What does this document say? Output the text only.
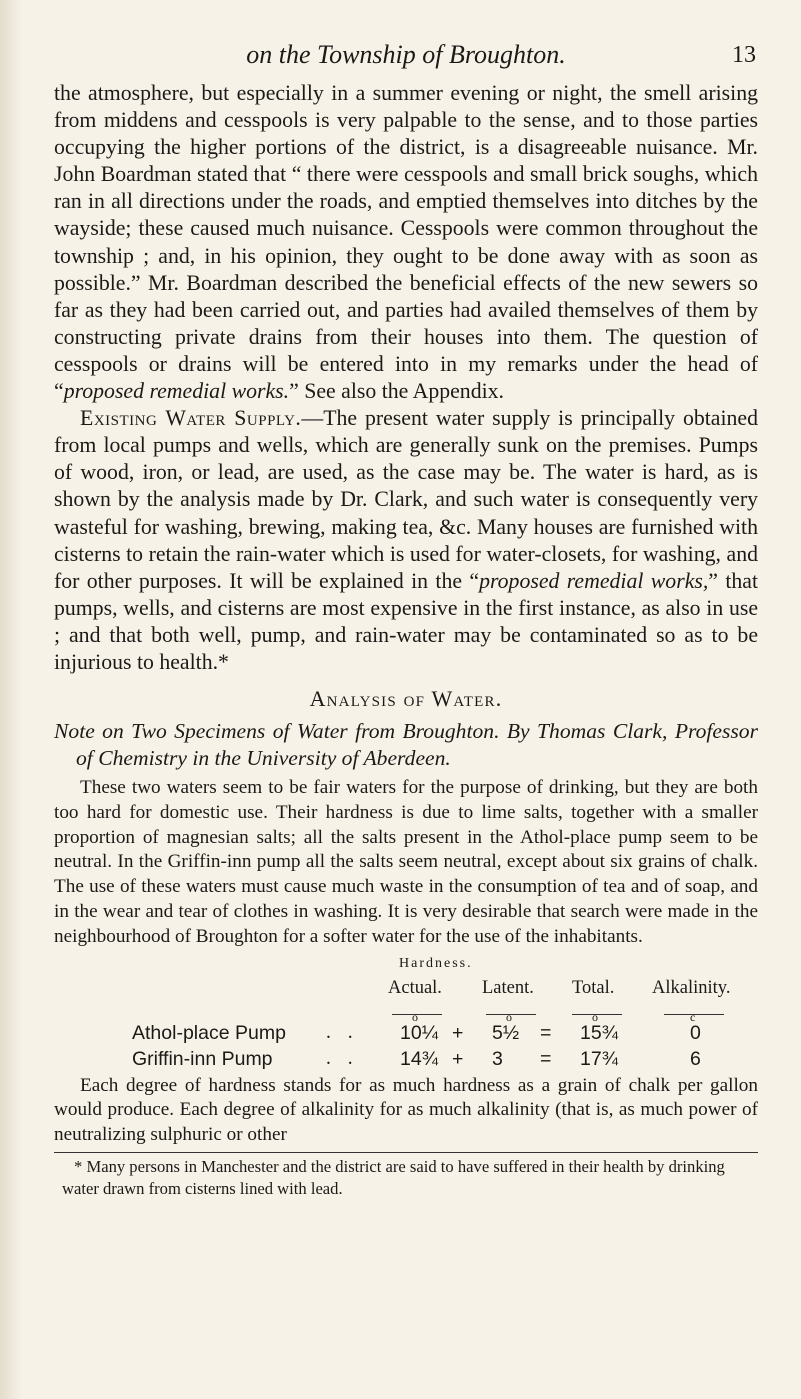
on the Township of Broughton.	13

the atmosphere, but especially in a summer evening or night, the smell arising from middens and cesspools is very palpable to the sense, and to those parties occupying the higher portions of the district, is a disagreeable nuisance. Mr. John Boardman stated that “ there were cesspools and small brick soughs, which ran in all directions under the roads, and emptied themselves into ditches by the wayside; these caused much nuisance. Cesspools were common throughout the township ; and, in his opinion, they ought to be done away with as soon as possible.” Mr. Boardman described the beneficial effects of the new sewers so far as they had been carried out, and parties had availed themselves of them by constructing private drains from their houses into them. The question of cesspools or drains will be entered into in my remarks under the head of “proposed remedial works.” See also the Appendix.

Existing Water Supply.—The present water supply is principally obtained from local pumps and wells, which are generally sunk on the premises. Pumps of wood, iron, or lead, are used, as the case may be. The water is hard, as is shown by the analysis made by Dr. Clark, and such water is consequently very wasteful for washing, brewing, making tea, &c. Many houses are furnished with cisterns to retain the rain-water which is used for water-closets, for washing, and for other purposes. It will be explained in the “proposed remedial works,” that pumps, wells, and cisterns are most expensive in the first instance, as also in use ; and that both well, pump, and rain-water may be contaminated so as to be injurious to health.*

Analysis of Water.
Note on Two Specimens of Water from Broughton. By Thomas Clark, Professor of Chemistry in the University of Aberdeen.

These two waters seem to be fair waters for the purpose of drinking, but they are both too hard for domestic use. Their hardness is due to lime salts, together with a smaller proportion of magnesian salts; all the salts present in the Athol-place pump seem to be neutral. In the Griffin-inn pump all the salts seem neutral, except about six grains of chalk. The use of these waters must cause much waste in the consumption of tea and of soap, and in the wear and tear of clothes in washing. It is very desirable that search were made in the neighbourhood of Broughton for a softer water for the use of the inhabitants.

Hardness.
Actual. Latent. Total. Alkalinity.
o	o	o	c
Athol-place Pump . . 10¼ + 5½ = 15¾	0
Griffin-inn Pump	. . 14¾ + 3 = 17¾	6

Each degree of hardness stands for as much hardness as a grain of chalk per gallon would produce. Each degree of alkalinity for as much alkalinity (that is, as much power of neutralizing sulphuric or other

* Many persons in Manchester and the district are said to have suffered in their health by drinking water drawn from cisterns lined with lead.
